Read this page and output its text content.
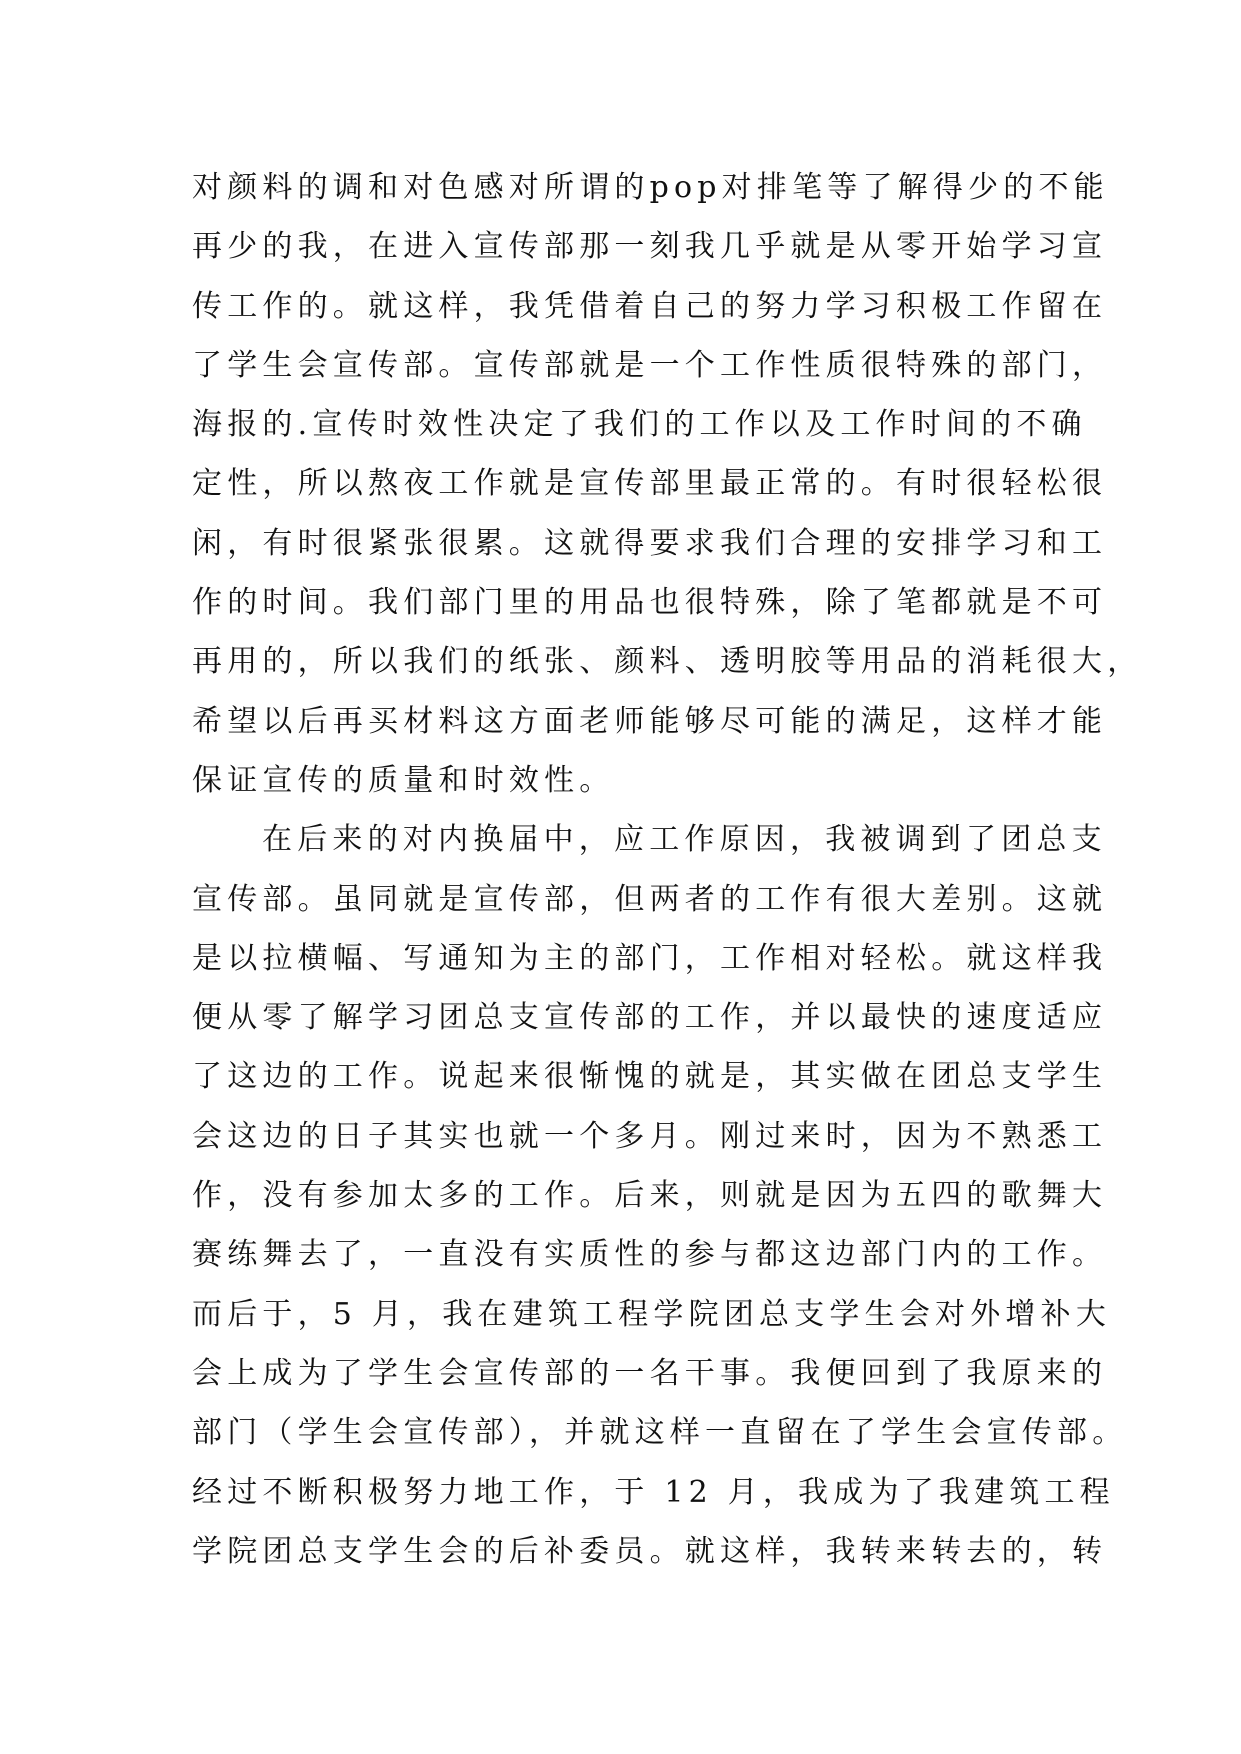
对颜料的调和对色感对所谓的pop对排笔等了解得少的不能
再少的我，在进入宣传部那一刻我几乎就是从零开始学习宣
传工作的。就这样，我凭借着自己的努力学习积极工作留在
了学生会宣传部。宣传部就是一个工作性质很特殊的部门，
海报的.宣传时效性决定了我们的工作以及工作时间的不确
定性，所以熬夜工作就是宣传部里最正常的。有时很轻松很
闲，有时很紧张很累。这就得要求我们合理的安排学习和工
作的时间。我们部门里的用品也很特殊，除了笔都就是不可
再用的，所以我们的纸张、颜料、透明胶等用品的消耗很大，
希望以后再买材料这方面老师能够尽可能的满足，这样才能
保证宣传的质量和时效性。
在后来的对内换届中，应工作原因，我被调到了团总支
宣传部。虽同就是宣传部，但两者的工作有很大差别。这就
是以拉横幅、写通知为主的部门，工作相对轻松。就这样我
便从零了解学习团总支宣传部的工作，并以最快的速度适应
了这边的工作。说起来很惭愧的就是，其实做在团总支学生
会这边的日子其实也就一个多月。刚过来时，因为不熟悉工
作，没有参加太多的工作。后来，则就是因为五四的歌舞大
赛练舞去了，一直没有实质性的参与都这边部门内的工作。
而后于，5 月，我在建筑工程学院团总支学生会对外增补大
会上成为了学生会宣传部的一名干事。我便回到了我原来的
部门（学生会宣传部），并就这样一直留在了学生会宣传部。
经过不断积极努力地工作，于 12 月，我成为了我建筑工程
学院团总支学生会的后补委员。就这样，我转来转去的，转
